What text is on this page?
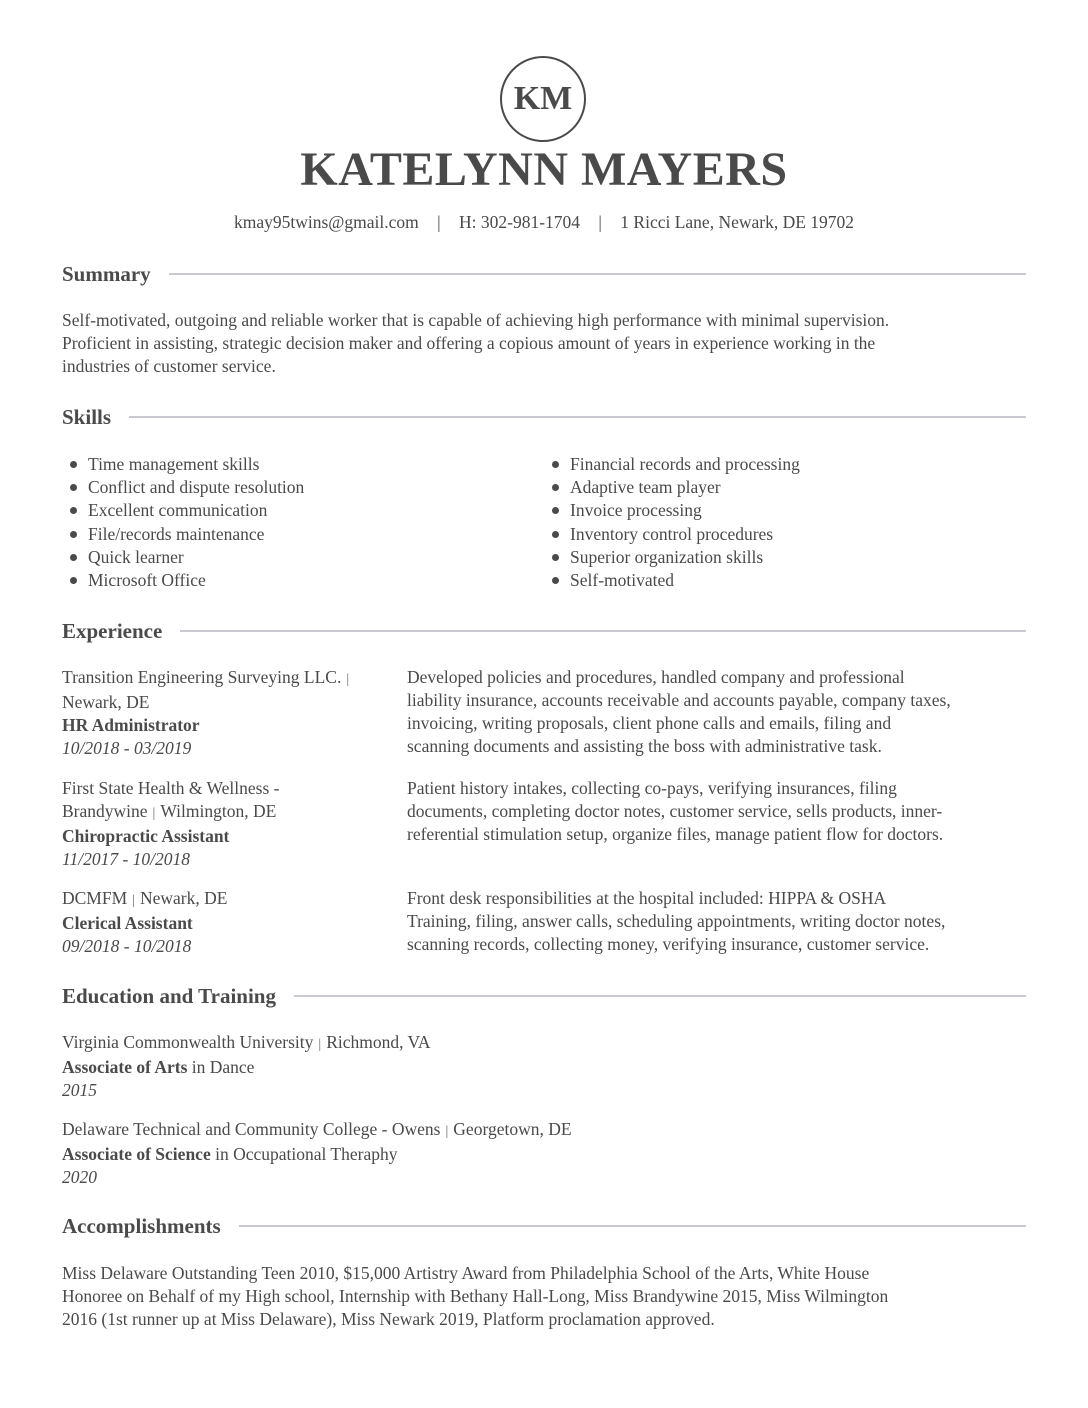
KM
KATELYNN MAYERS
kmay95twins@gmail.com | H: 302-981-1704 | 1 Ricci Lane, Newark, DE 19702
Summary
Self-motivated, outgoing and reliable worker that is capable of achieving high performance with minimal supervision.
Proficient in assisting, strategic decision maker and offering a copious amount of years in experience working in the
industries of customer service.
Skills
Time management skills
Conflict and dispute resolution
Excellent communication
File/records maintenance
Quick learner
Microsoft Office
Financial records and processing
Adaptive team player
Invoice processing
Inventory control procedures
Superior organization skills
Self-motivated
Experience
Transition Engineering Surveying LLC. |
Newark, DE
HR Administrator
10/2018 - 03/2019
Developed policies and procedures, handled company and professional
liability insurance, accounts receivable and accounts payable, company taxes,
invoicing, writing proposals, client phone calls and emails, filing and
scanning documents and assisting the boss with administrative task.
First State Health & Wellness -
Brandywine | Wilmington, DE
Chiropractic Assistant
11/2017 - 10/2018
Patient history intakes, collecting co-pays, verifying insurances, filing
documents, completing doctor notes, customer service, sells products, inner-
referential stimulation setup, organize files, manage patient flow for doctors.
DCMFM | Newark, DE
Clerical Assistant
09/2018 - 10/2018
Front desk responsibilities at the hospital included: HIPPA & OSHA
Training, filing, answer calls, scheduling appointments, writing doctor notes,
scanning records, collecting money, verifying insurance, customer service.
Education and Training
Virginia Commonwealth University | Richmond, VA
Associate of Arts in Dance
2015
Delaware Technical and Community College - Owens | Georgetown, DE
Associate of Science in Occupational Theraphy
2020
Accomplishments
Miss Delaware Outstanding Teen 2010, $15,000 Artistry Award from Philadelphia School of the Arts, White House
Honoree on Behalf of my High school, Internship with Bethany Hall-Long, Miss Brandywine 2015, Miss Wilmington
2016 (1st runner up at Miss Delaware), Miss Newark 2019, Platform proclamation approved.
